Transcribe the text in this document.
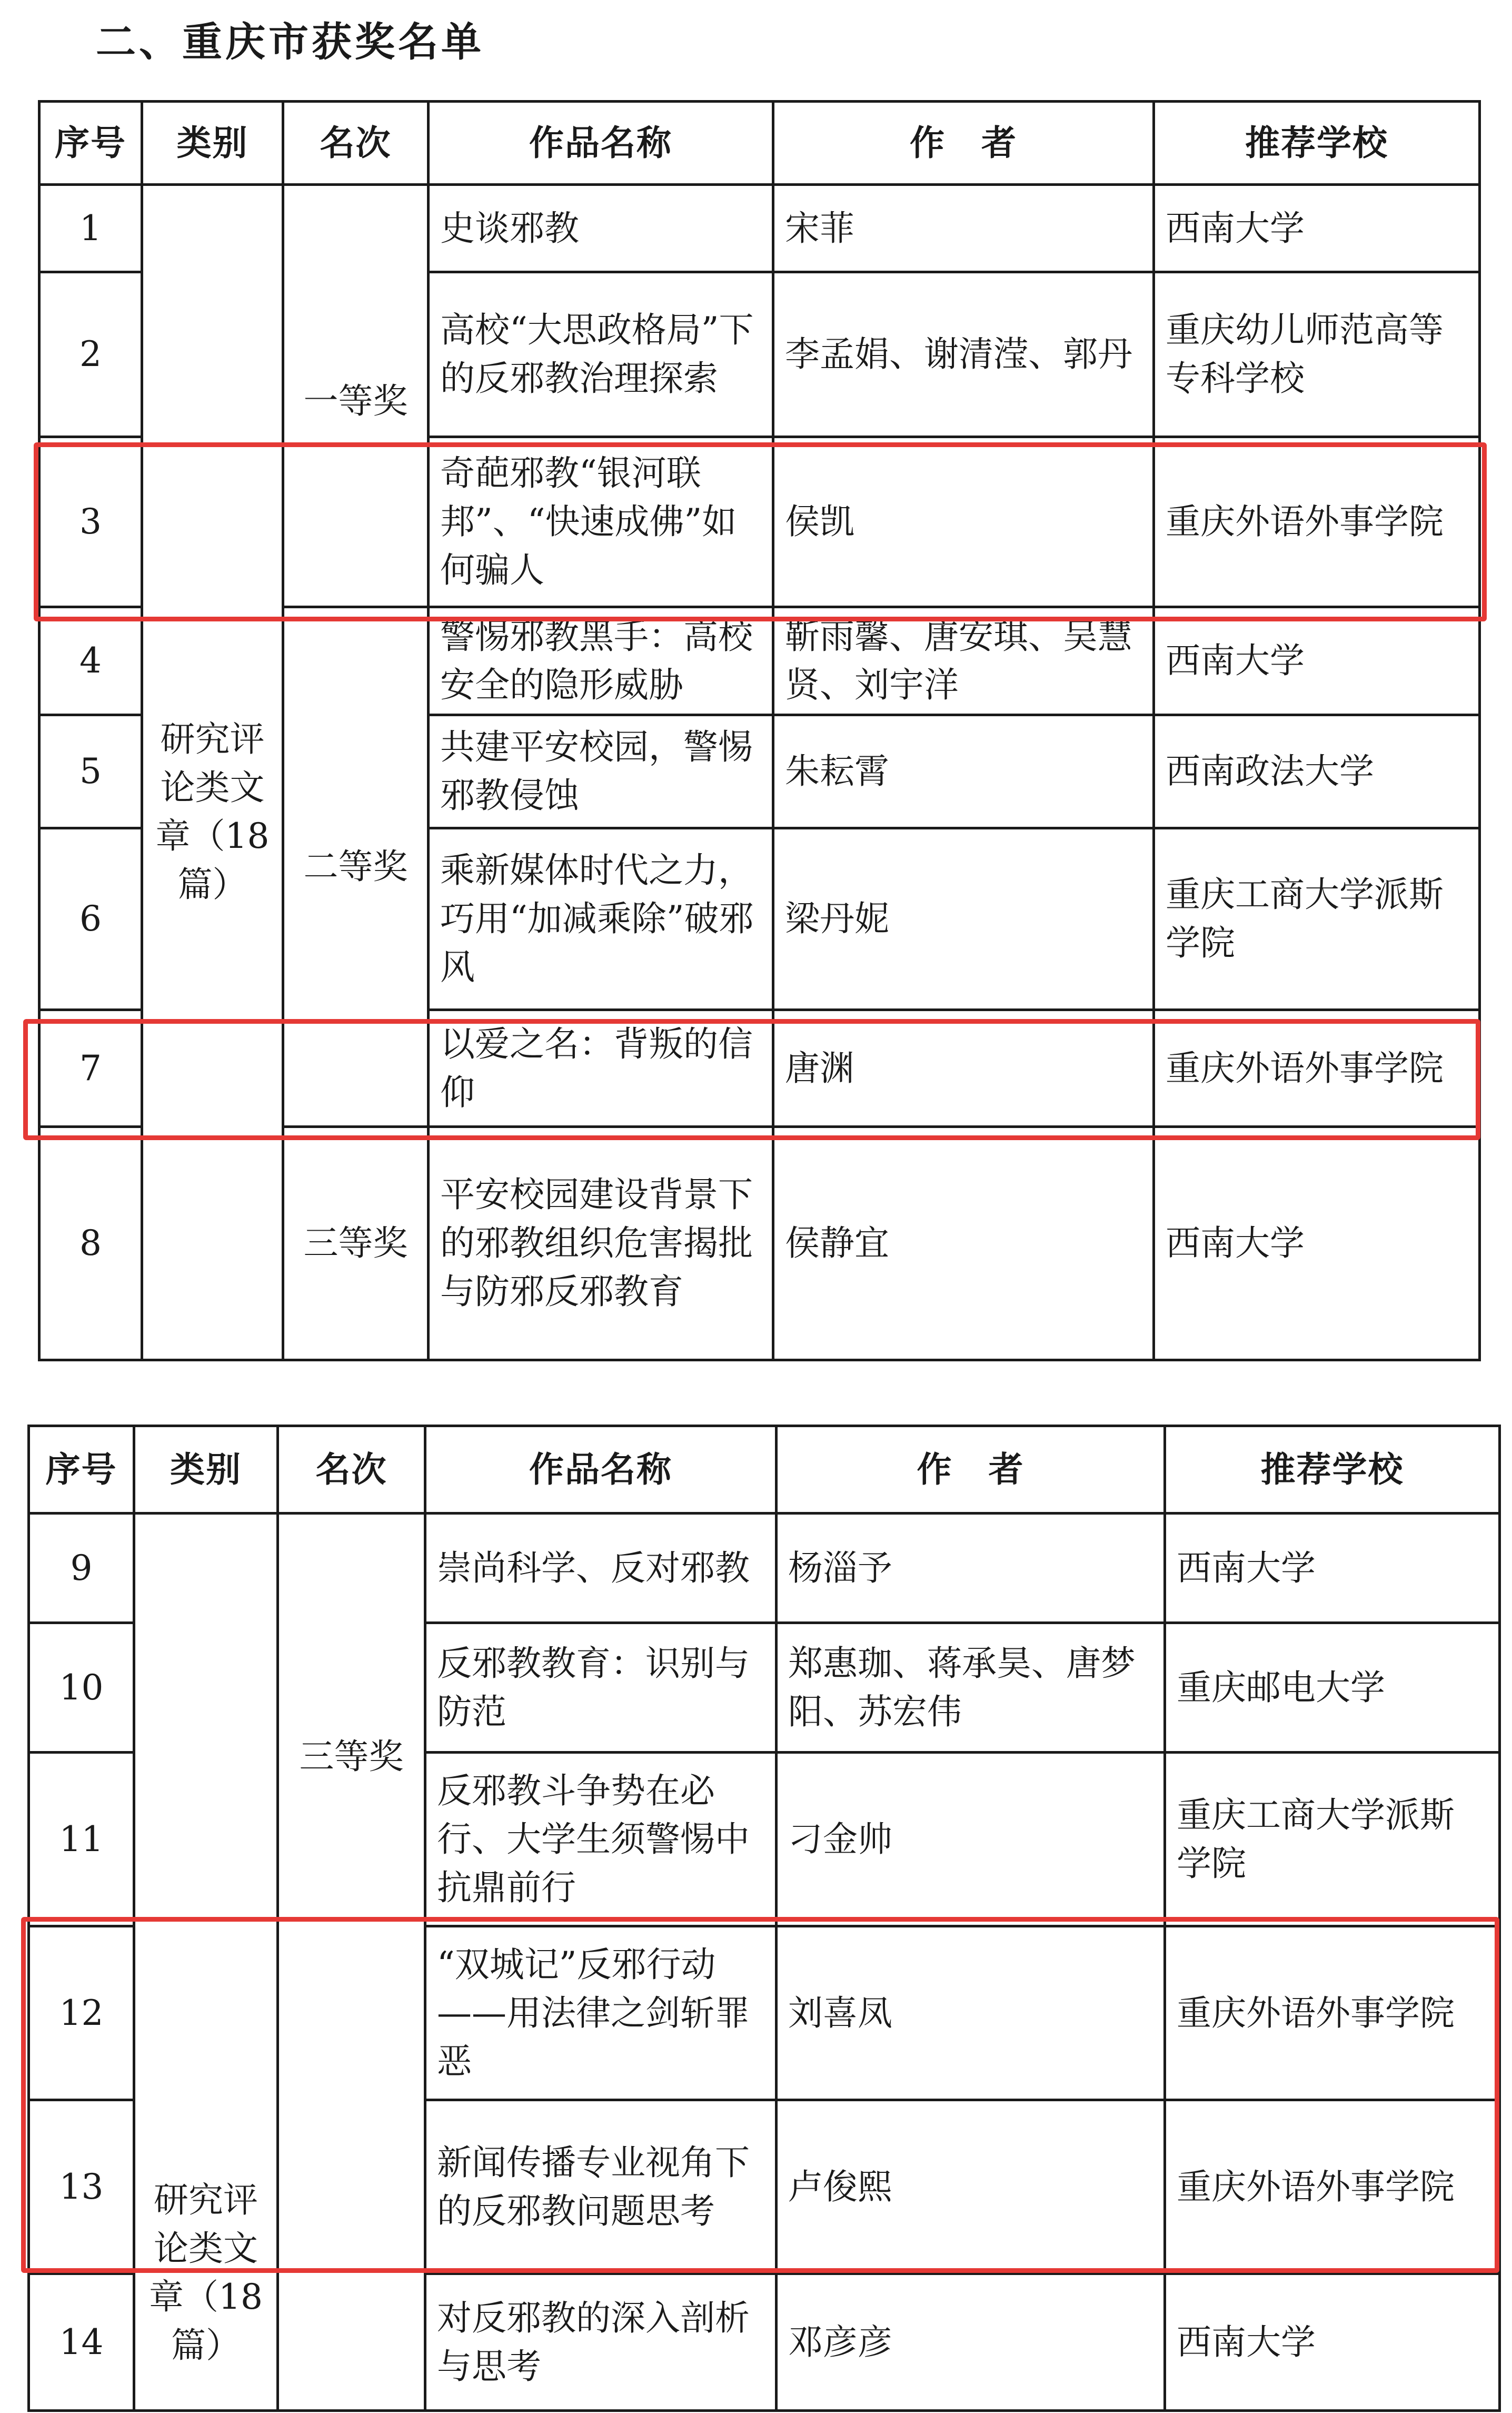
二、重庆市获奖名单
序号	类别	名次	作品名称	作　者	推荐学校
1	研究评论类文章（18篇）	一等奖	史谈邪教	宋菲	西南大学
2			高校“大思政格局”下的反邪教治理探索	李孟娟、谢清滢、郭丹	重庆幼儿师范高等专科学校
3			奇葩邪教“银河联邦”、“快速成佛”如何骗人	侯凯	重庆外语外事学院
4		二等奖	警惕邪教黑手：高校安全的隐形威胁	靳雨馨、唐安琪、吴慧贤、刘宇洋	西南大学
5			共建平安校园，警惕邪教侵蚀	朱耘霄	西南政法大学
6			乘新媒体时代之力，巧用“加减乘除”破邪风	梁丹妮	重庆工商大学派斯学院
7			以爱之名：背叛的信仰	唐渊	重庆外语外事学院
8		三等奖	平安校园建设背景下的邪教组织危害揭批与防邪反邪教育	侯静宜	西南大学
序号	类别	名次	作品名称	作　者	推荐学校
9	研究评论类文章（18篇）	三等奖	崇尚科学、反对邪教	杨淄予	西南大学
10			反邪教教育：识别与防范	郑惠珈、蒋承昊、唐梦阳、苏宏伟	重庆邮电大学
11			反邪教斗争势在必行、大学生须警惕中抗鼎前行	刁金帅	重庆工商大学派斯学院
12			“双城记”反邪行动——用法律之剑斩罪恶	刘喜凤	重庆外语外事学院
13			新闻传播专业视角下的反邪教问题思考	卢俊熙	重庆外语外事学院
14			对反邪教的深入剖析与思考	邓彦彦	西南大学
